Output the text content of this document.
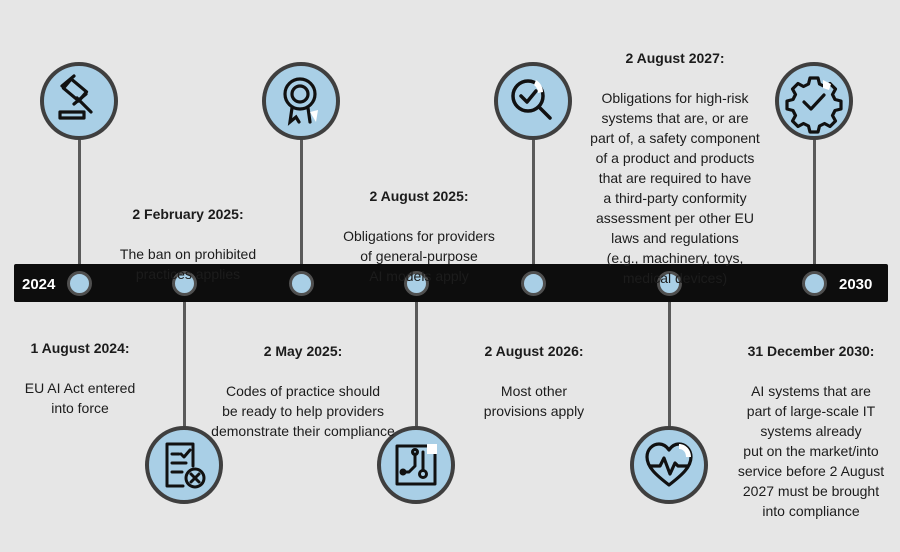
2024	2030

1 August 2024:

EU AI Act entered
into force

2 February 2025:

The ban on prohibited
practices applies

2 May 2025:

Codes of practice should
be ready to help providers
demonstrate their compliance

2 August 2025:

Obligations for providers
of general-purpose
AI models apply

2 August 2026:

Most other
provisions apply

2 August 2027:

Obligations for high-risk
systems that are, or are
part of, a safety component
of a product and products
that are required to have
a third-party conformity
assessment per other EU
laws and regulations
(e.g., machinery, toys,
medical devices)

31 December 2030:

AI systems that are
part of large-scale IT
systems already
put on the market/into
service before 2 August
2027 must be brought
into compliance
